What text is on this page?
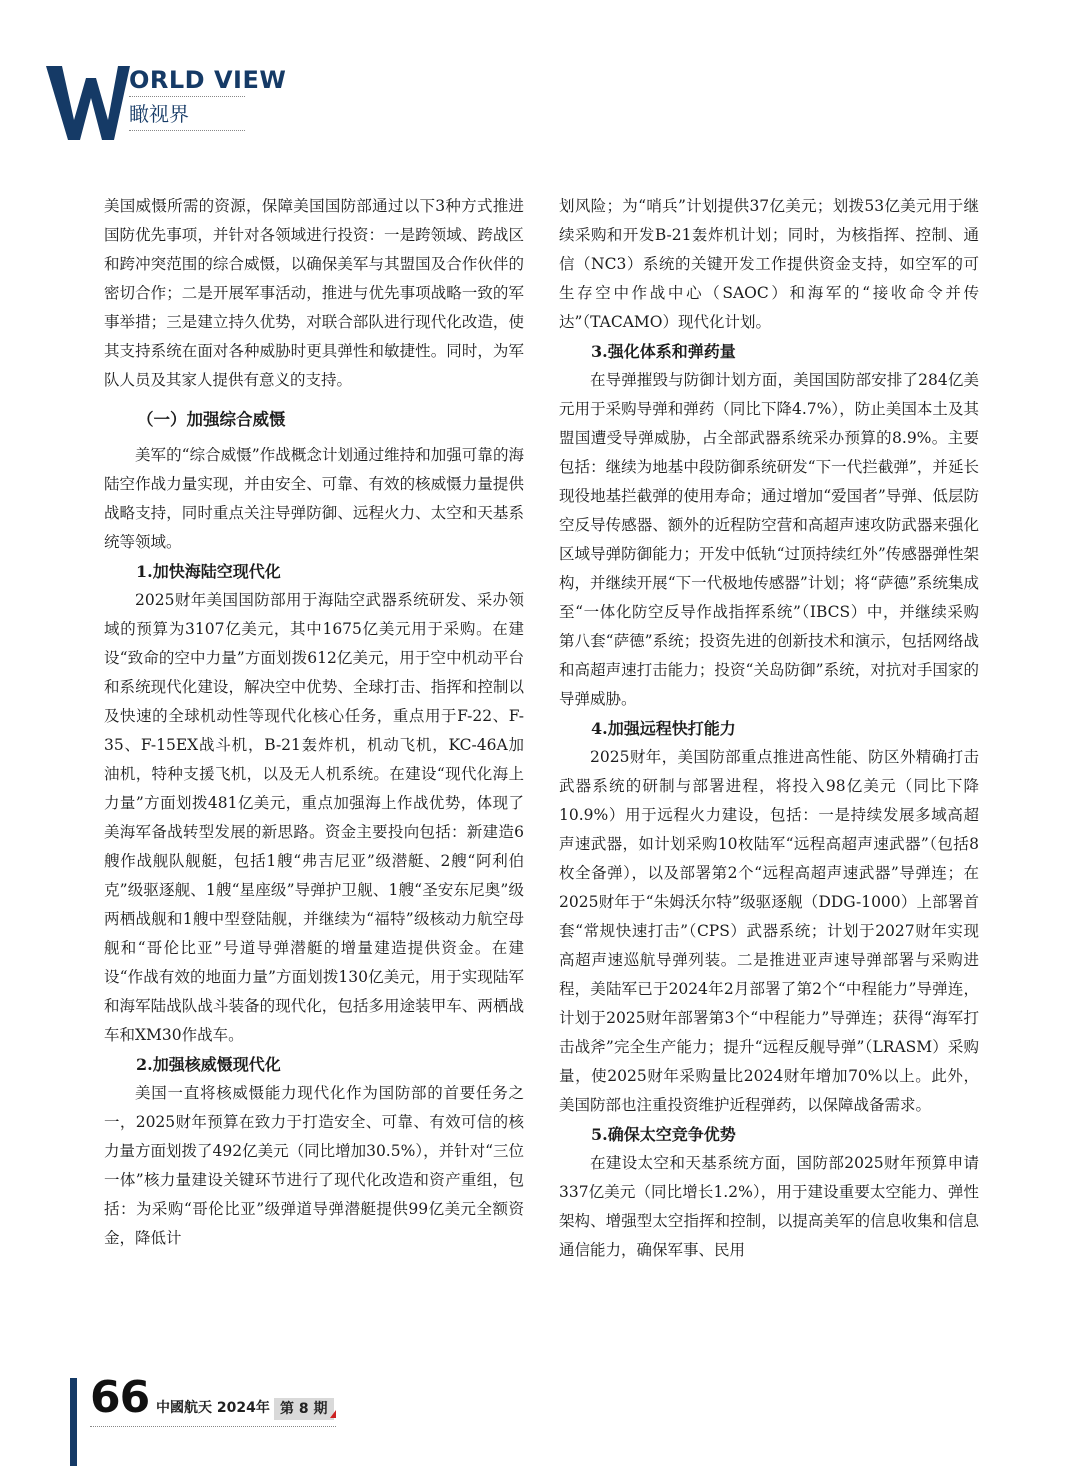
ORLD VIEW
瞰视界

美国威慑所需的资源，保障美国国防部通过以下3种方式推进国防优先事项，并针对各领域进行投资：一是跨领域、跨战区和跨冲突范围的综合威慑，以确保美军与其盟国及合作伙伴的密切合作；二是开展军事活动，推进与优先事项战略一致的军事举措；三是建立持久优势，对联合部队进行现代化改造，使其支持系统在面对各种威胁时更具弹性和敏捷性。同时，为军队人员及其家人提供有意义的支持。

（一）加强综合威慑

美军的“综合威慑”作战概念计划通过维持和加强可靠的海陆空作战力量实现，并由安全、可靠、有效的核威慑力量提供战略支持，同时重点关注导弹防御、远程火力、太空和天基系统等领域。

1.加快海陆空现代化

2025财年美国国防部用于海陆空武器系统研发、采办领域的预算为3107亿美元，其中1675亿美元用于采购。在建设“致命的空中力量”方面划拨612亿美元，用于空中机动平台和系统现代化建设，解决空中优势、全球打击、指挥和控制以及快速的全球机动性等现代化核心任务，重点用于F-22、F-35、F-15EX战斗机，B-21轰炸机，机动飞机，KC-46A加油机，特种支援飞机，以及无人机系统。在建设“现代化海上力量”方面划拨481亿美元，重点加强海上作战优势，体现了美海军备战转型发展的新思路。资金主要投向包括：新建造6艘作战舰队舰艇，包括1艘“弗吉尼亚”级潜艇、2艘“阿利伯克”级驱逐舰、1艘“星座级”导弹护卫舰、1艘“圣安东尼奥”级两栖战舰和1艘中型登陆舰，并继续为“福特”级核动力航空母舰和“哥伦比亚”号道导弹潜艇的增量建造提供资金。在建设“作战有效的地面力量”方面划拨130亿美元，用于实现陆军和海军陆战队战斗装备的现代化，包括多用途装甲车、两栖战车和XM30作战车。

2.加强核威慑现代化

美国一直将核威慑能力现代化作为国防部的首要任务之一，2025财年预算在致力于打造安全、可靠、有效可信的核力量方面划拨了492亿美元（同比增加30.5%），并针对“三位一体”核力量建设关键环节进行了现代化改造和资产重组，包括：为采购“哥伦比亚”级弹道导弹潜艇提供99亿美元全额资金，降低计

划风险；为“哨兵”计划提供37亿美元；划拨53亿美元用于继续采购和开发B-21轰炸机计划；同时，为核指挥、控制、通信（NC3）系统的关键开发工作提供资金支持，如空军的可生存空中作战中心（SAOC）和海军的“接收命令并传达”（TACAMO）现代化计划。

3.强化体系和弹药量

在导弹摧毁与防御计划方面，美国国防部安排了284亿美元用于采购导弹和弹药（同比下降4.7%），防止美国本土及其盟国遭受导弹威胁，占全部武器系统采办预算的8.9%。主要包括：继续为地基中段防御系统研发“下一代拦截弹”，并延长现役地基拦截弹的使用寿命；通过增加“爱国者”导弹、低层防空反导传感器、额外的近程防空营和高超声速攻防武器来强化区域导弹防御能力；开发中低轨“过顶持续红外”传感器弹性架构，并继续开展“下一代极地传感器”计划；将“萨德”系统集成至“一体化防空反导作战指挥系统”（IBCS）中，并继续采购第八套“萨德”系统；投资先进的创新技术和演示，包括网络战和高超声速打击能力；投资“关岛防御”系统，对抗对手国家的导弹威胁。

4.加强远程快打能力

2025财年，美国防部重点推进高性能、防区外精确打击武器系统的研制与部署进程，将投入98亿美元（同比下降10.9%）用于远程火力建设，包括：一是持续发展多域高超声速武器，如计划采购10枚陆军“远程高超声速武器”（包括8枚全备弹），以及部署第2个“远程高超声速武器”导弹连；在2025财年于“朱姆沃尔特”级驱逐舰（DDG-1000）上部署首套“常规快速打击”（CPS）武器系统；计划于2027财年实现高超声速巡航导弹列装。二是推进亚声速导弹部署与采购进程，美陆军已于2024年2月部署了第2个“中程能力”导弹连，计划于2025财年部署第3个“中程能力”导弹连；获得“海军打击战斧”完全生产能力；提升“远程反舰导弹”（LRASM）采购量，使2025财年采购量比2024财年增加70%以上。此外，美国防部也注重投资维护近程弹药，以保障战备需求。

5.确保太空竞争优势

在建设太空和天基系统方面，国防部2025财年预算申请337亿美元（同比增长1.2%），用于建设重要太空能力、弹性架构、增强型太空指挥和控制，以提高美军的信息收集和信息通信能力，确保军事、民用

66 中國航天 2024年 第 8 期
